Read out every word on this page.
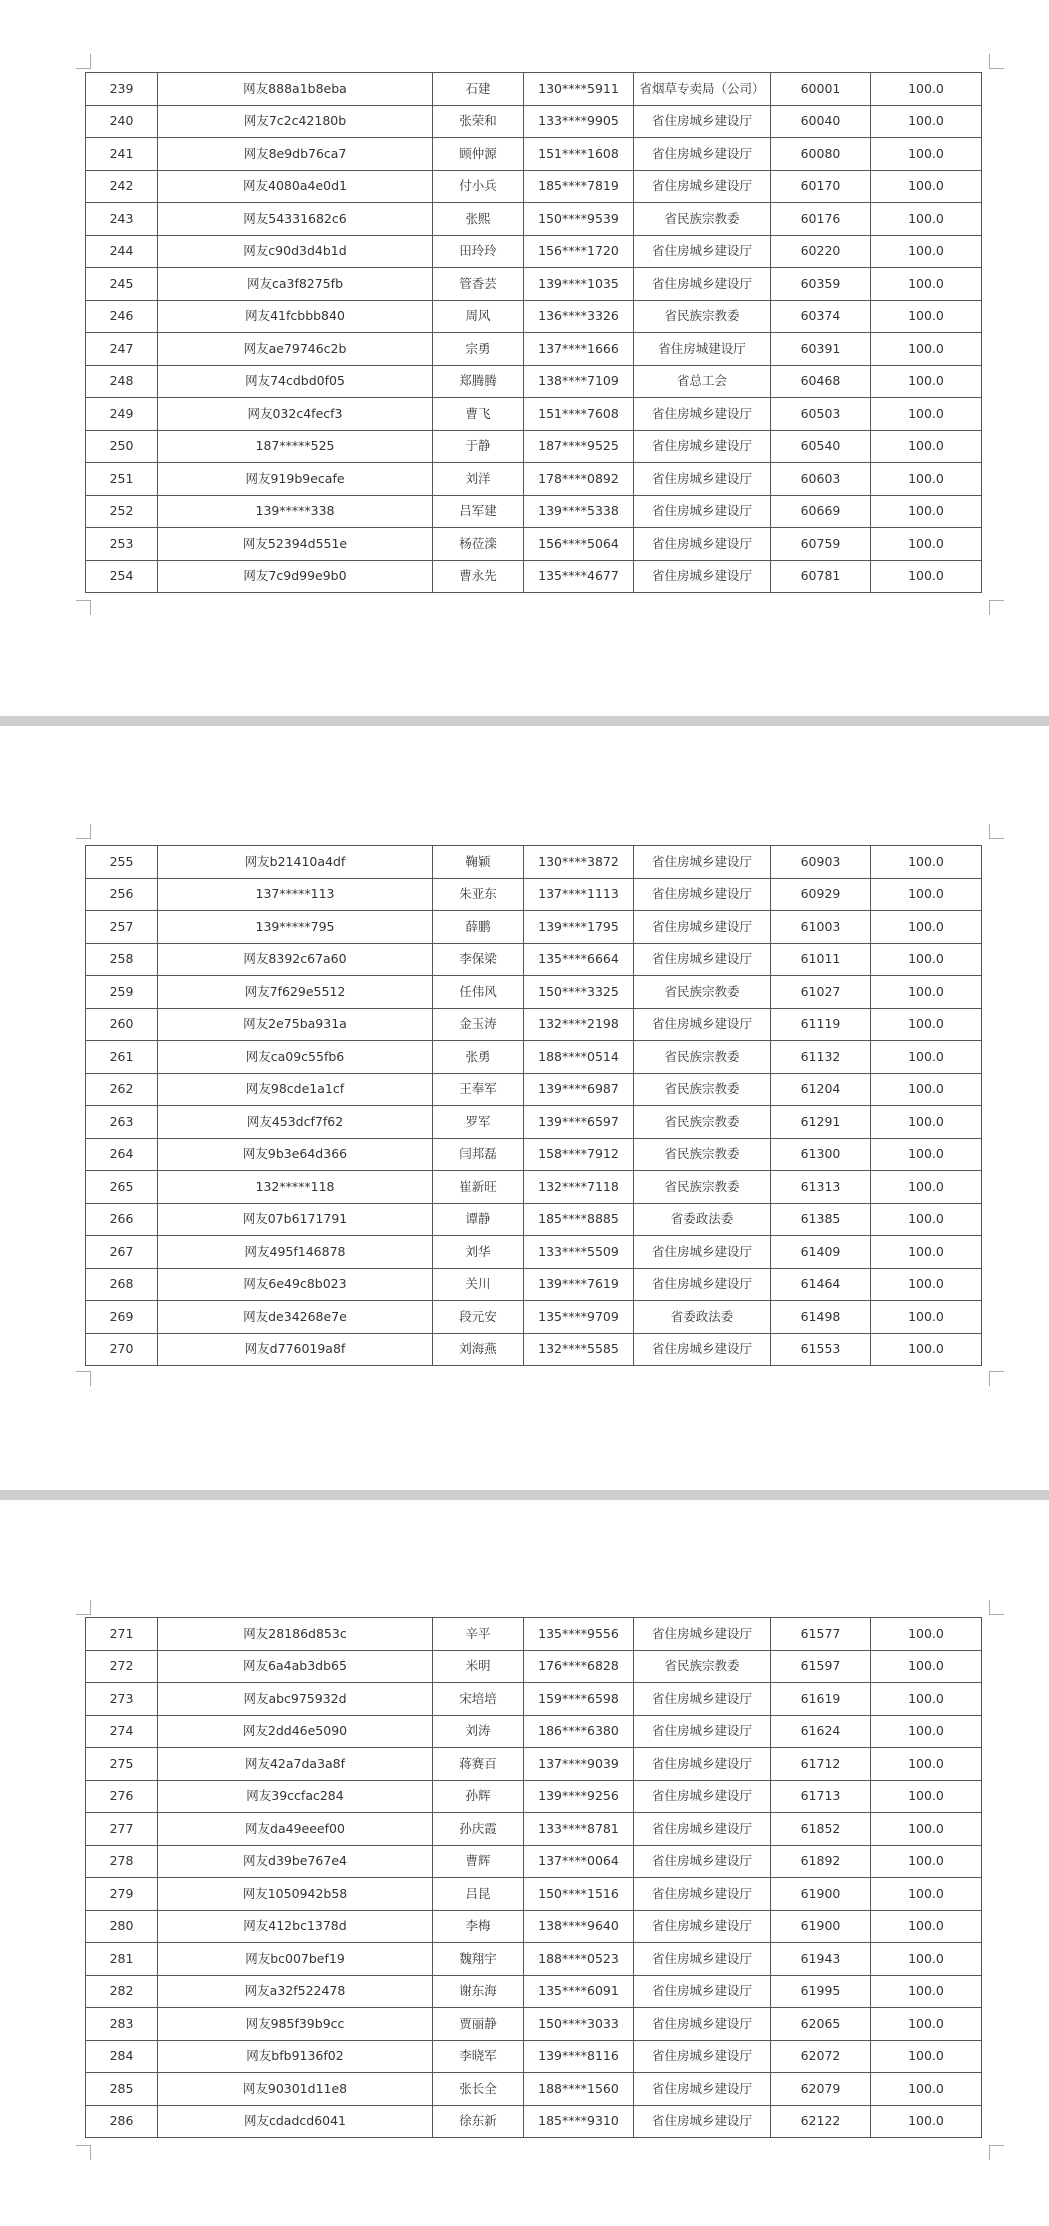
239	网友888a1b8eba	石建	130****5911	省烟草专卖局（公司）	60001	100.0
240	网友7c2c42180b	张荣和	133****9905	省住房城乡建设厅	60040	100.0
241	网友8e9db76ca7	顾仲源	151****1608	省住房城乡建设厅	60080	100.0
242	网友4080a4e0d1	付小兵	185****7819	省住房城乡建设厅	60170	100.0
243	网友54331682c6	张熙	150****9539	省民族宗教委	60176	100.0
244	网友c90d3d4b1d	田玲玲	156****1720	省住房城乡建设厅	60220	100.0
245	网友ca3f8275fb	管香芸	139****1035	省住房城乡建设厅	60359	100.0
246	网友41fcbbb840	周风	136****3326	省民族宗教委	60374	100.0
247	网友ae79746c2b	宗勇	137****1666	省住房城建设厅	60391	100.0
248	网友74cdbd0f05	郑腾腾	138****7109	省总工会	60468	100.0
249	网友032c4fecf3	曹飞	151****7608	省住房城乡建设厅	60503	100.0
250	187*****525	于静	187****9525	省住房城乡建设厅	60540	100.0
251	网友919b9ecafe	刘洋	178****0892	省住房城乡建设厅	60603	100.0
252	139*****338	吕军建	139****5338	省住房城乡建设厅	60669	100.0
253	网友52394d551e	杨莅滦	156****5064	省住房城乡建设厅	60759	100.0
254	网友7c9d99e9b0	曹永先	135****4677	省住房城乡建设厅	60781	100.0
255	网友b21410a4df	鞠颖	130****3872	省住房城乡建设厅	60903	100.0
256	137*****113	朱亚东	137****1113	省住房城乡建设厅	60929	100.0
257	139*****795	薛鹏	139****1795	省住房城乡建设厅	61003	100.0
258	网友8392c67a60	李保梁	135****6664	省住房城乡建设厅	61011	100.0
259	网友7f629e5512	任伟风	150****3325	省民族宗教委	61027	100.0
260	网友2e75ba931a	金玉涛	132****2198	省住房城乡建设厅	61119	100.0
261	网友ca09c55fb6	张勇	188****0514	省民族宗教委	61132	100.0
262	网友98cde1a1cf	王奉军	139****6987	省民族宗教委	61204	100.0
263	网友453dcf7f62	罗军	139****6597	省民族宗教委	61291	100.0
264	网友9b3e64d366	闫邦磊	158****7912	省民族宗教委	61300	100.0
265	132*****118	崔新旺	132****7118	省民族宗教委	61313	100.0
266	网友07b6171791	谭静	185****8885	省委政法委	61385	100.0
267	网友495f146878	刘华	133****5509	省住房城乡建设厅	61409	100.0
268	网友6e49c8b023	关川	139****7619	省住房城乡建设厅	61464	100.0
269	网友de34268e7e	段元安	135****9709	省委政法委	61498	100.0
270	网友d776019a8f	刘海燕	132****5585	省住房城乡建设厅	61553	100.0
271	网友28186d853c	辛平	135****9556	省住房城乡建设厅	61577	100.0
272	网友6a4ab3db65	米明	176****6828	省民族宗教委	61597	100.0
273	网友abc975932d	宋培培	159****6598	省住房城乡建设厅	61619	100.0
274	网友2dd46e5090	刘涛	186****6380	省住房城乡建设厅	61624	100.0
275	网友42a7da3a8f	蒋赛百	137****9039	省住房城乡建设厅	61712	100.0
276	网友39ccfac284	孙辉	139****9256	省住房城乡建设厅	61713	100.0
277	网友da49eeef00	孙庆霞	133****8781	省住房城乡建设厅	61852	100.0
278	网友d39be767e4	曹辉	137****0064	省住房城乡建设厅	61892	100.0
279	网友1050942b58	吕昆	150****1516	省住房城乡建设厅	61900	100.0
280	网友412bc1378d	李梅	138****9640	省住房城乡建设厅	61900	100.0
281	网友bc007bef19	魏翔宇	188****0523	省住房城乡建设厅	61943	100.0
282	网友a32f522478	谢东海	135****6091	省住房城乡建设厅	61995	100.0
283	网友985f39b9cc	贾丽静	150****3033	省住房城乡建设厅	62065	100.0
284	网友bfb9136f02	李晓军	139****8116	省住房城乡建设厅	62072	100.0
285	网友90301d11e8	张长全	188****1560	省住房城乡建设厅	62079	100.0
286	网友cdadcd6041	徐东新	185****9310	省住房城乡建设厅	62122	100.0
